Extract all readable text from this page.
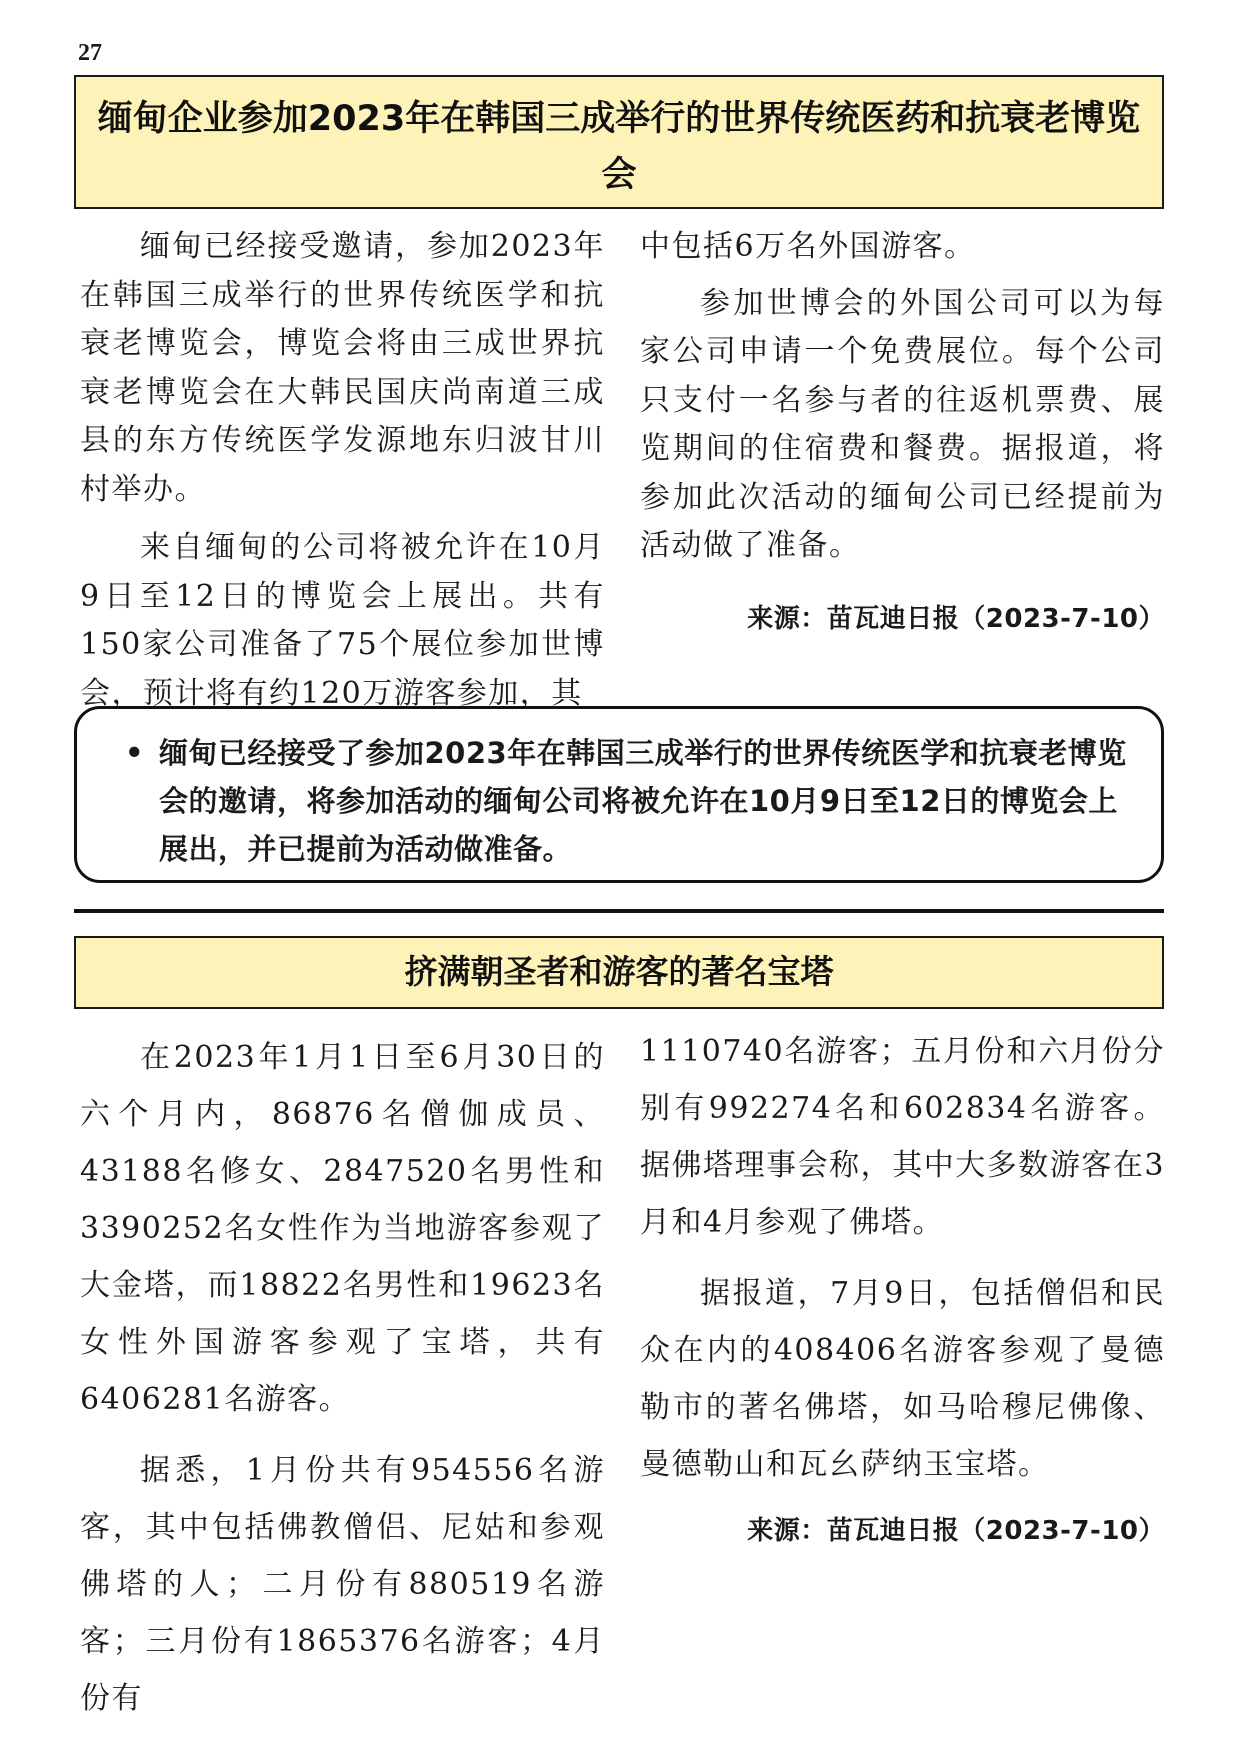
27
缅甸企业参加2023年在韩国三成举行的世界传统医药和抗衰老博览会

缅甸已经接受邀请，参加2023年在韩国三成举行的世界传统医学和抗衰老博览会，博览会将由三成世界抗衰老博览会在大韩民国庆尚南道三成县的东方传统医学发源地东归波甘川村举办。

来自缅甸的公司将被允许在10月9日至12日的博览会上展出。共有150家公司准备了75个展位参加世博会，预计将有约120万游客参加，其

中包括6万名外国游客。

参加世博会的外国公司可以为每家公司申请一个免费展位。每个公司只支付一名参与者的往返机票费、展览期间的住宿费和餐费。据报道，将参加此次活动的缅甸公司已经提前为活动做了准备。

来源：苗瓦迪日报（2023-7-10）

• 缅甸已经接受了参加2023年在韩国三成举行的世界传统医学和抗衰老博览会的邀请，将参加活动的缅甸公司将被允许在10月9日至12日的博览会上展出，并已提前为活动做准备。
挤满朝圣者和游客的著名宝塔

在2023年1月1日至6月30日的六个月内，86876名僧伽成员、43188名修女、2847520名男性和3390252名女性作为当地游客参观了大金塔，而18822名男性和19623名女性外国游客参观了宝塔，共有6406281名游客。

据悉，1月份共有954556名游客，其中包括佛教僧侣、尼姑和参观佛塔的人；二月份有880519名游客；三月份有1865376名游客；4月份有

1110740名游客；五月份和六月份分别有992274名和602834名游客。据佛塔理事会称，其中大多数游客在3月和4月参观了佛塔。

据报道，7月9日，包括僧侣和民众在内的408406名游客参观了曼德勒市的著名佛塔，如马哈穆尼佛像、曼德勒山和瓦幺萨纳玉宝塔。

来源：苗瓦迪日报（2023-7-10）
